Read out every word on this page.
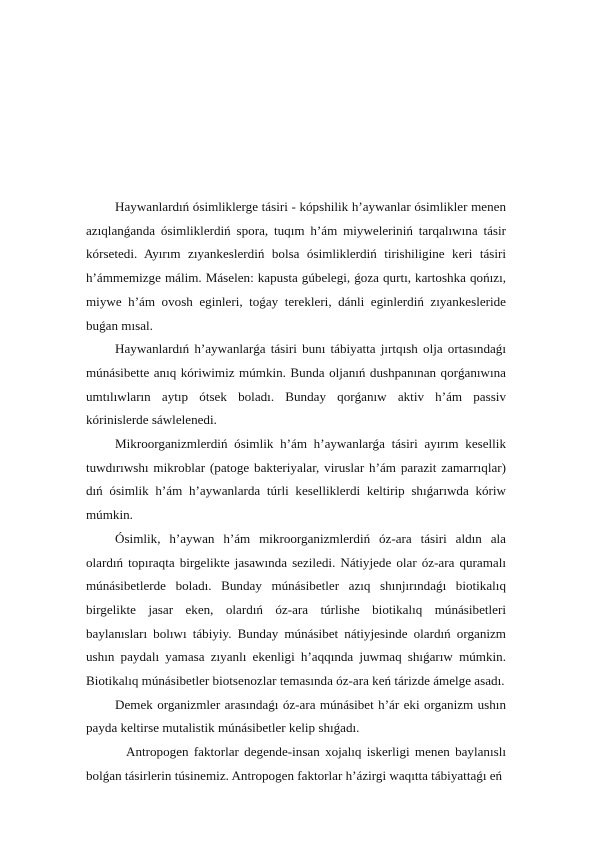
Haywanlardıń ósimliklerge tásiri - kópshilik h’aywanlar ósimlikler menen azıqlanǵanda ósimliklerdiń spora, tuqım h’ám miyweleriniń tarqalıwına tásir kórsetedi. Ayırım zıyankeslerdiń bolsa ósimliklerdiń tirishiligine keri tásiri h’ámmemizge málim. Máselen: kapusta gúbelegi, ǵoza qurtı, kartoshka qońızı, miywe h’ám ovosh eginleri, toǵay terekleri, dánli eginlerdiń zıyankesleride buǵan mısal.

Haywanlardıń h’aywanlarǵa tásiri bunı tábiyatta jırtqısh olja ortasındaǵı múnásibette anıq kóriwimiz múmkin. Bunda oljanıń dushpanınan qorǵanıwına umtılıwların aytıp ótsek boladı. Bunday qorǵanıw aktiv h’ám passiv kórinislerde sáwlelenedi.

Mikroorganizmlerdiń ósimlik h’ám h’aywanlarǵa tásiri ayırım kesellik tuwdırıwshı mikroblar (patoge bakteriyalar, viruslar h’ám parazit zamarrıqlar) dıń ósimlik h’ám h’aywanlarda túrli keselliklerdi keltirip shıǵarıwda kóriw múmkin.

Ósimlik, h’aywan h’ám mikroorganizmlerdiń óz-ara tásiri aldın ala olardıń topıraqta birgelikte jasawında seziledi. Nátiyjede olar óz-ara quramalı múnásibetlerde boladı. Bunday múnásibetler azıq shınjırındaǵı biotikalıq birgelikte jasar eken, olardıń óz-ara túrlishe biotikalıq múnásibetleri baylanısları bolıwı tábiyiy. Bunday múnásibet nátiyjesinde olardıń organizm ushın paydalı yamasa zıyanlı ekenligi h’aqqında juwmaq shıǵarıw múmkin. Biotikalıq múnásibetler biotsenozlar temasında óz-ara keń tárizde ámelge asadı.

Demek organizmler arasındaǵı óz-ara múnásibet h’ár eki organizm ushın payda keltirse mutalistik múnásibetler kelip shıǵadı.

Antropogen faktorlar degende-insan xojalıq iskerligi menen baylanıslı bolǵan tásirlerin túsinemiz. Antropogen faktorlar h’ázirgi waqıtta tábiyattaǵı eń
